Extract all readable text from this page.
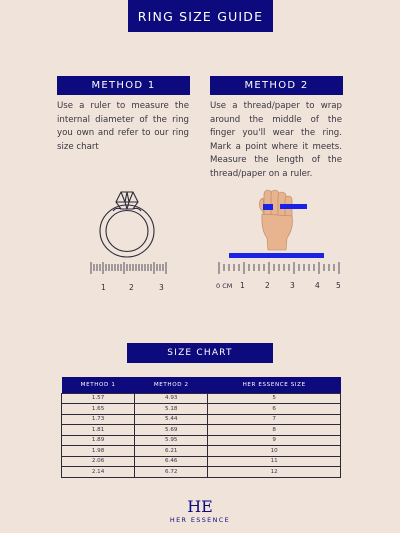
RING SIZE GUIDE
METHOD 1	METHOD 2

Use a ruler to measure the internal diameter of the ring you own and refer to our ring size chart

Use a thread/paper to wrap around the middle of the finger you'll wear the ring. Mark a point where it meets. Measure the length of the thread/paper on a ruler.

1	2	3	0 CM 1	2	3	4 5
SIZE CHART
METHOD 1	METHOD 2	HER ESSENCE SIZE
1.57	4.93	5
1.65	5.18	6
1.73	5.44	7
1.81	5.69	8
1.89	5.95	9
1.98	6.21	10
2.06	6.46	11
2.14	6.72	12
HE
HER ESSENCE
